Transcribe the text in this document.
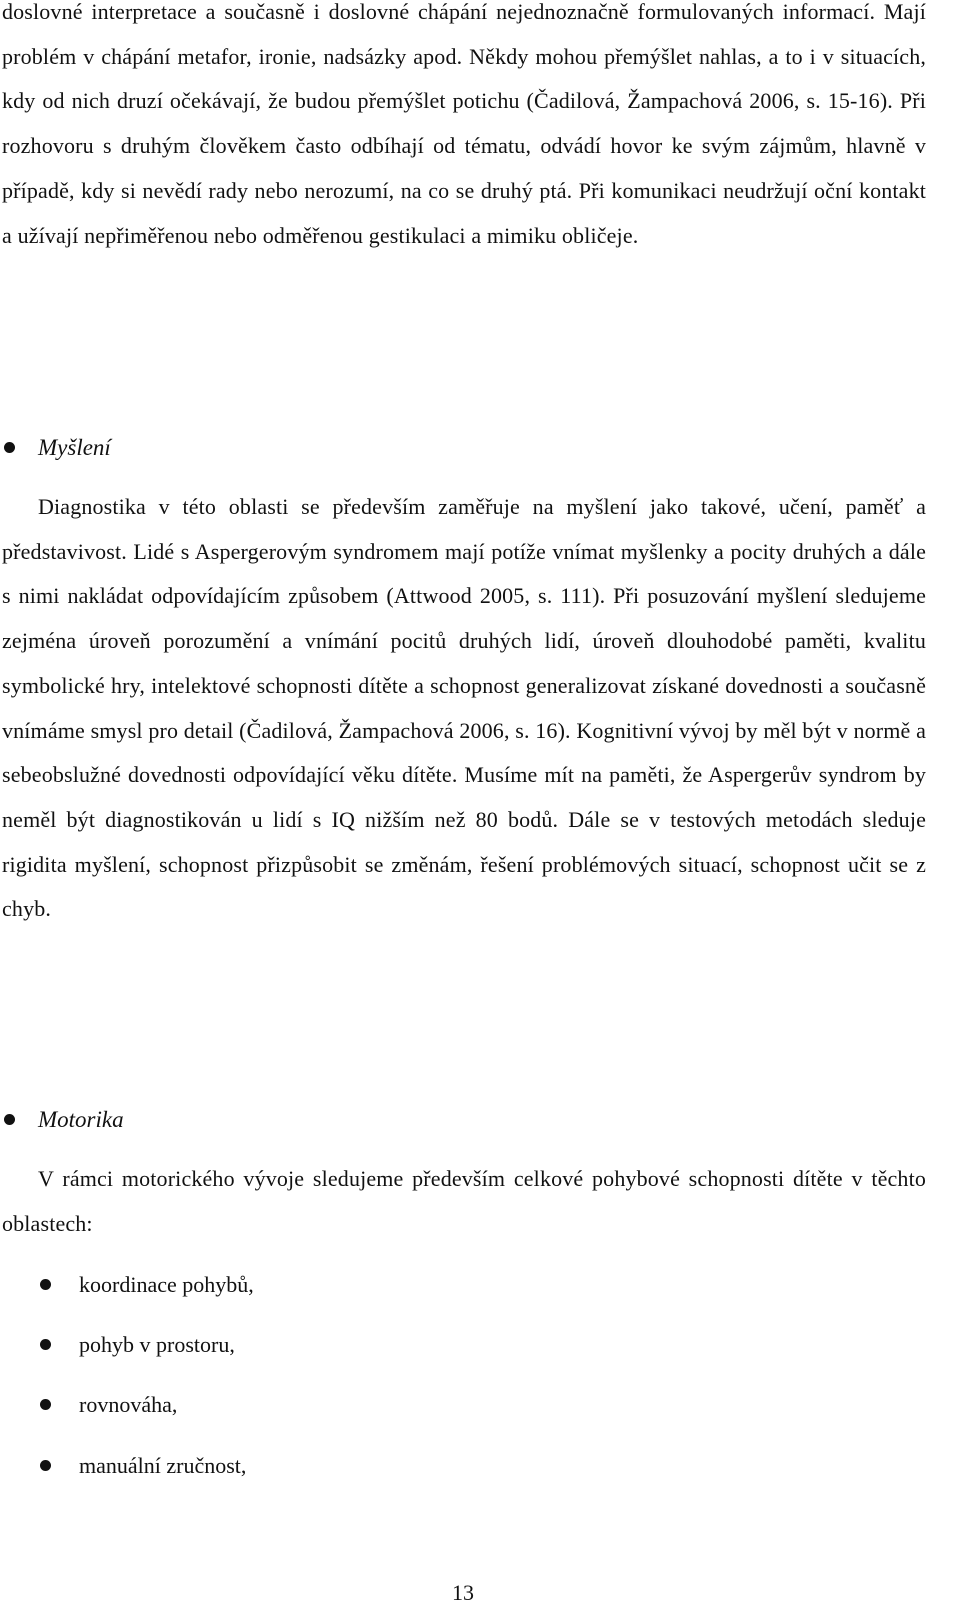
doslovné interpretace a současně i doslovné chápání nejednoznačně formulovaných informací. Mají problém v chápání metafor, ironie, nadsázky apod. Někdy mohou přemýšlet nahlas, a to i v situacích, kdy od nich druzí očekávají, že budou přemýšlet potichu (Čadilová, Žampachová 2006, s. 15-16). Při rozhovoru s druhým člověkem často odbíhají od tématu, odvádí hovor ke svým zájmům, hlavně v případě, kdy si nevědí rady nebo nerozumí, na co se druhý ptá. Při komunikaci neudržují oční kontakt a užívají nepřiměřenou nebo odměřenou gestikulaci a mimiku obličeje.

Myšlení

Diagnostika v této oblasti se především zaměřuje na myšlení jako takové, učení, paměť a představivost. Lidé s Aspergerovým syndromem mají potíže vnímat myšlenky a pocity druhých a dále s nimi nakládat odpovídajícím způsobem (Attwood 2005, s. 111). Při posuzování myšlení sledujeme zejména úroveň porozumění a vnímání pocitů druhých lidí, úroveň dlouhodobé paměti, kvalitu symbolické hry, intelektové schopnosti dítěte a schopnost generalizovat získané dovednosti a současně vnímáme smysl pro detail (Čadilová, Žampachová 2006, s. 16). Kognitivní vývoj by měl být v normě a sebeobslužné dovednosti odpovídající věku dítěte. Musíme mít na paměti, že Aspergerův syndrom by neměl být diagnostikován u lidí s IQ nižším než 80 bodů. Dále se v testových metodách sleduje rigidita myšlení, schopnost přizpůsobit se změnám, řešení problémových situací, schopnost učit se z chyb.

Motorika

V rámci motorického vývoje sledujeme především celkové pohybové schopnosti dítěte v těchto oblastech:

koordinace pohybů,
pohyb v prostoru,
rovnováha,
manuální zručnost,
13
